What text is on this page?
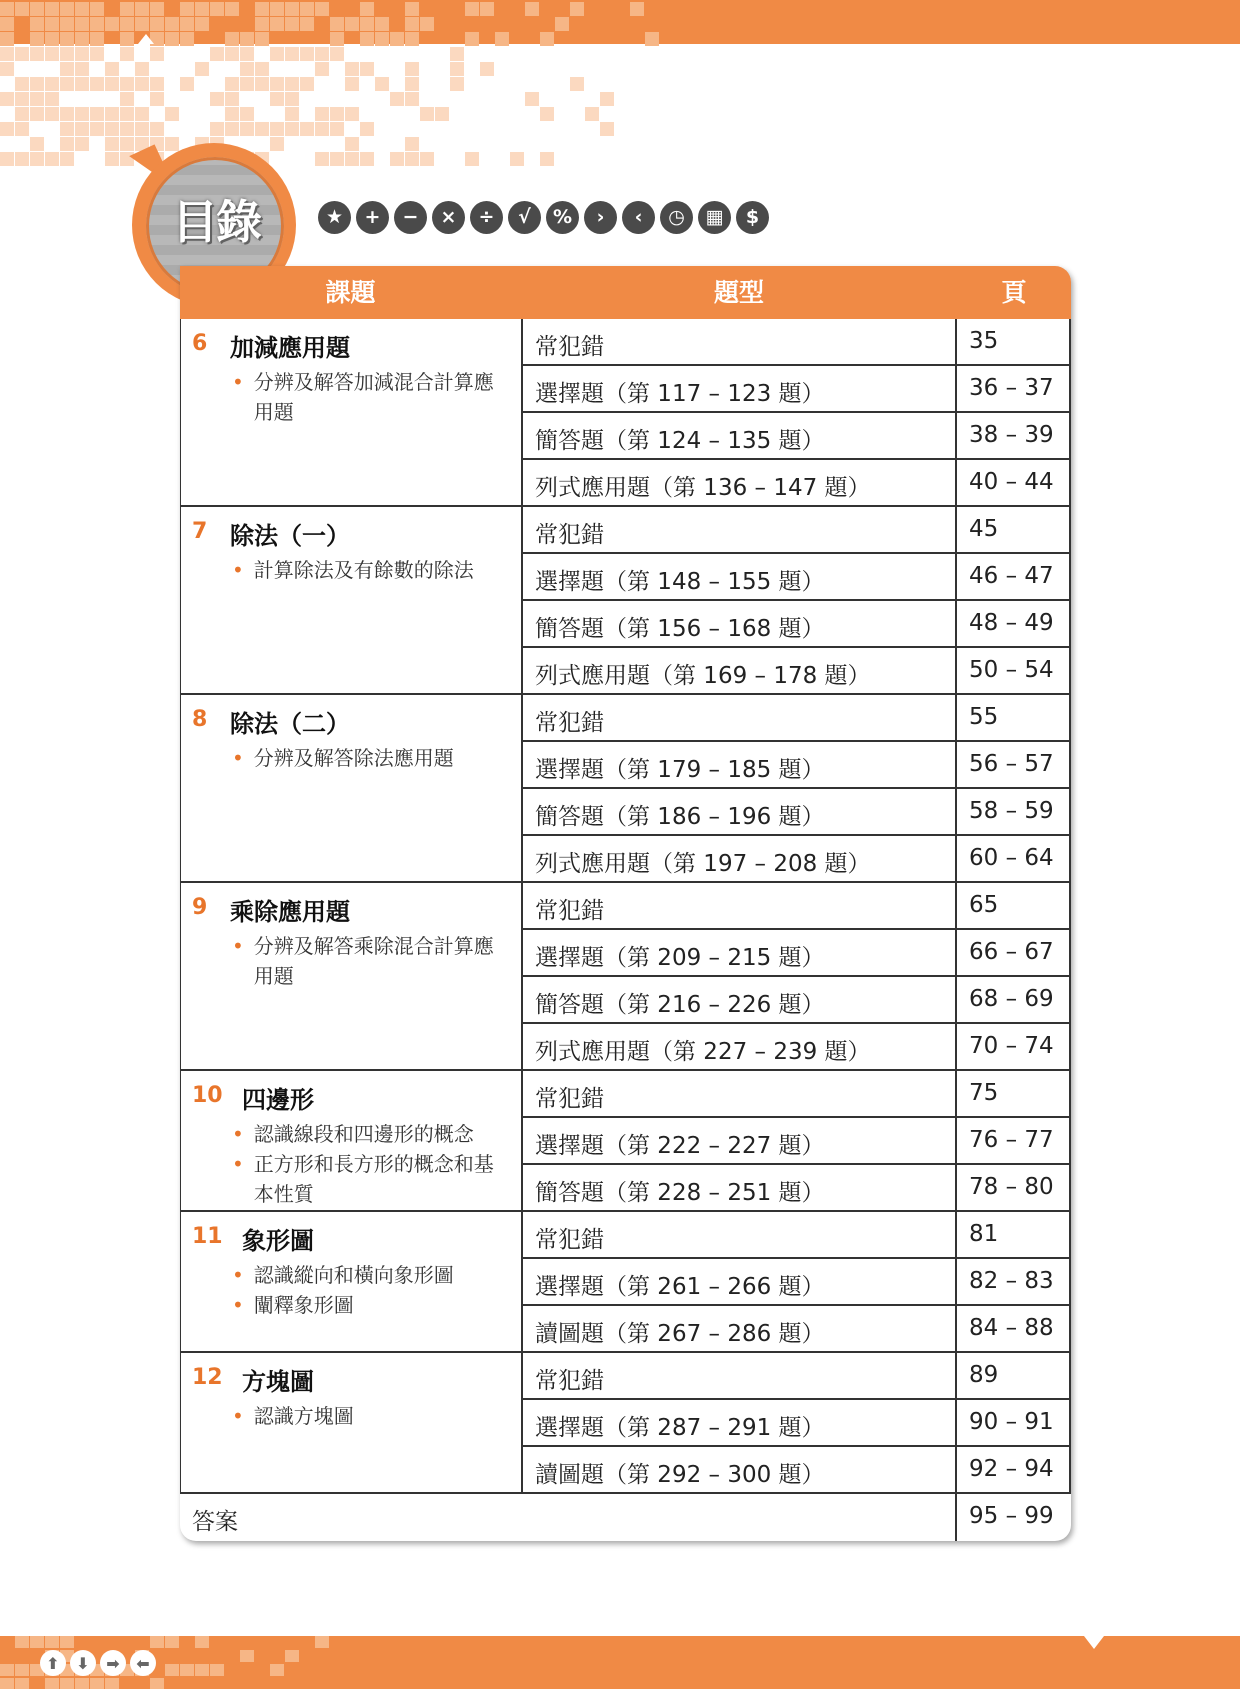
目錄	★	+	−	×	÷	√	%	›	‹	◷	▦	$
課題	題型	頁
6 加減應用題
• 分辨及解答加減混合計算應用題
常犯錯	35
選擇題（第 117 – 123 題）	36 – 37
簡答題（第 124 – 135 題）	38 – 39
列式應用題（第 136 – 147 題）	40 – 44
7 除法（一）
• 計算除法及有餘數的除法
常犯錯	45
選擇題（第 148 – 155 題）	46 – 47
簡答題（第 156 – 168 題）	48 – 49
列式應用題（第 169 – 178 題）	50 – 54
8 除法（二）
• 分辨及解答除法應用題
常犯錯	55
選擇題（第 179 – 185 題）	56 – 57
簡答題（第 186 – 196 題）	58 – 59
列式應用題（第 197 – 208 題）	60 – 64
9 乘除應用題
• 分辨及解答乘除混合計算應用題
常犯錯	65
選擇題（第 209 – 215 題）	66 – 67
簡答題（第 216 – 226 題）	68 – 69
列式應用題（第 227 – 239 題）	70 – 74
10 四邊形
• 認識線段和四邊形的概念
• 正方形和長方形的概念和基本性質
常犯錯	75
選擇題（第 222 – 227 題）	76 – 77
簡答題（第 228 – 251 題）	78 – 80
11 象形圖
• 認識縱向和橫向象形圖
• 闡釋象形圖
常犯錯	81
選擇題（第 261 – 266 題）	82 – 83
讀圖題（第 267 – 286 題）	84 – 88
12 方塊圖
• 認識方塊圖
常犯錯	89
選擇題（第 287 – 291 題）	90 – 91
讀圖題（第 292 – 300 題）	92 – 94
答案	95 – 99
⬆	⬇	➡	⬅
